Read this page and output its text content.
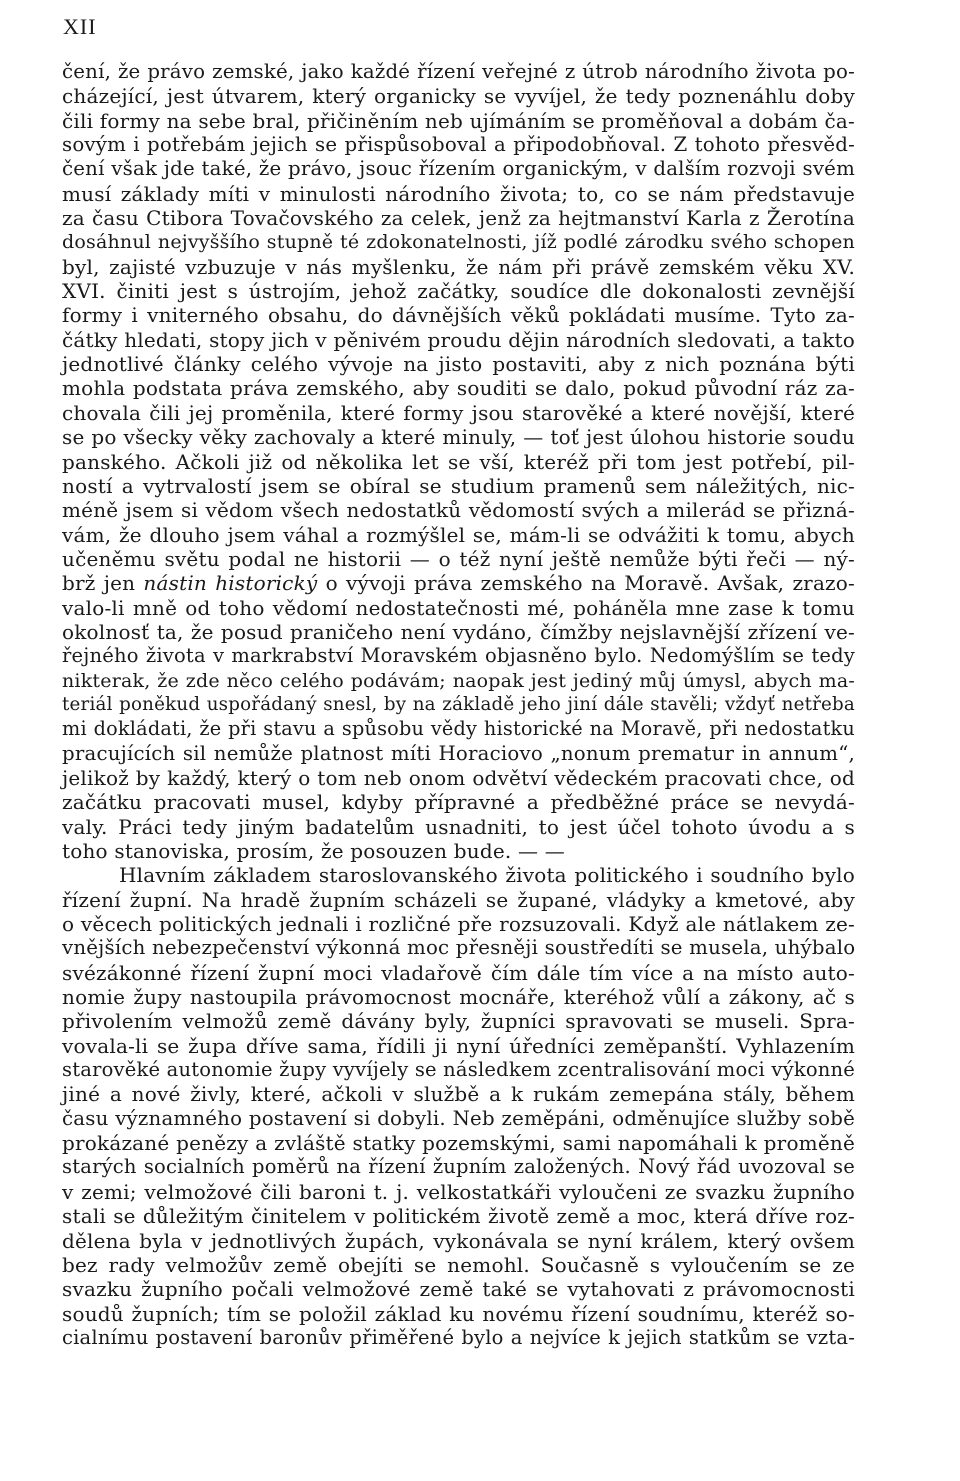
XII
čení, že právo zemské, jako každé řízení veřejné z útrob národního života po-
cházející, jest útvarem, který organicky se vyvíjel, že tedy poznenáhlu doby
čili formy na sebe bral, přičiněním neb ujímáním se proměňoval a dobám ča-
sovým i potřebám jejich se přispůsoboval a připodobňoval. Z tohoto přesvěd-
čení však jde také, že právo, jsouc řízením organickým, v dalším rozvoji svém
musí základy míti v minulosti národního života; to, co se nám představuje
za času Ctibora Tovačovského za celek, jenž za hejtmanství Karla z Žerotína
dosáhnul nejvyššího stupně té zdokonatelnosti, jíž podlé zárodku svého schopen
byl, zajisté vzbuzuje v nás myšlenku, že nám při právě zemském věku XV.
XVI. činiti jest s ústrojím, jehož začátky, soudíce dle dokonalosti zevnější
formy i vniterného obsahu, do dávnějších věků pokládati musíme. Tyto za-
čátky hledati, stopy jich v pěnivém proudu dějin národních sledovati, a takto
jednotlivé články celého vývoje na jisto postaviti, aby z nich poznána býti
mohla podstata práva zemského, aby souditi se dalo, pokud původní ráz za-
chovala čili jej proměnila, které formy jsou starověké a které novější, které
se po všecky věky zachovaly a které minuly, — toť jest úlohou historie soudu
panského. Ačkoli již od několika let se vší, kteréž při tom jest potřebí, pil-
ností a vytrvalostí jsem se obíral se studium pramenů sem náležitých, nic-
méně jsem si vědom všech nedostatků vědomostí svých a milerád se přizná-
vám, že dlouho jsem váhal a rozmýšlel se, mám-li se odvážiti k tomu, abych
učeněmu světu podal ne historii — o též nyní ještě nemůže býti řeči — ný-
brž jen nástin historický o vývoji práva zemského na Moravě. Avšak, zrazo-
valo-li mně od toho vědomí nedostatečnosti mé, poháněla mne zase k tomu
okolnosť ta, že posud praničeho není vydáno, čímžby nejslavnější zřízení ve-
řejného života v markrabství Moravském objasněno bylo. Nedomýšlím se tedy
nikterak, že zde něco celého podávám; naopak jest jediný můj úmysl, abych ma-
teriál poněkud uspořádaný snesl, by na základě jeho jiní dále stavěli; vždyť netřeba
mi dokládati, že při stavu a spůsobu vědy historické na Moravě, při nedostatku
pracujících sil nemůže platnost míti Horaciovo „nonum prematur in annum“,
jelikož by každý, který o tom neb onom odvětví vědeckém pracovati chce, od
začátku pracovati musel, kdyby přípravné a předběžné práce se nevydá-
valy. Práci tedy jiným badatelům usnadniti, to jest účel tohoto úvodu a s
toho stanoviska, prosím, že posouzen bude. — —
Hlavním základem staroslovanského života politického i soudního bylo
řízení župní. Na hradě župním scházeli se župané, vládyky a kmetové, aby
o věcech politických jednali i rozličné pře rozsuzovali. Když ale nátlakem ze-
vnějších nebezpečenství výkonná moc přesněji soustředíti se musela, uhýbalo
svézákonné řízení župní moci vladařově čím dále tím více a na místo auto-
nomie župy nastoupila právomocnost mocnáře, kteréhož vůlí a zákony, ač s
přivolením velmožů země dávány byly, župníci spravovati se museli. Spra-
vovala-li se župa dříve sama, řídili ji nyní úředníci zeměpanští. Vyhlazením
starověké autonomie župy vyvíjely se následkem zcentralisování moci výkonné
jiné a nové živly, které, ačkoli v službě a k rukám zemepána stály, během
času významného postavení si dobyli. Neb zeměpáni, odměnujíce služby sobě
prokázané penězy a zvláště statky pozemskými, sami napomáhali k proměně
starých socialních poměrů na řízení župním založených. Nový řád uvozoval se
v zemi; velmožové čili baroni t. j. velkostatkáři vyloučeni ze svazku župního
stali se důležitým činitelem v politickém životě země a moc, která dříve roz-
dělena byla v jednotlivých župách, vykonávala se nyní králem, který ovšem
bez rady velmožův země obejíti se nemohl. Současně s vyloučením se ze
svazku župního počali velmožové země také se vytahovati z právomocnosti
soudů župních; tím se položil základ ku novému řízení soudnímu, kteréž so-
cialnímu postavení baronův přiměřené bylo a nejvíce k jejich statkům se vzta-
